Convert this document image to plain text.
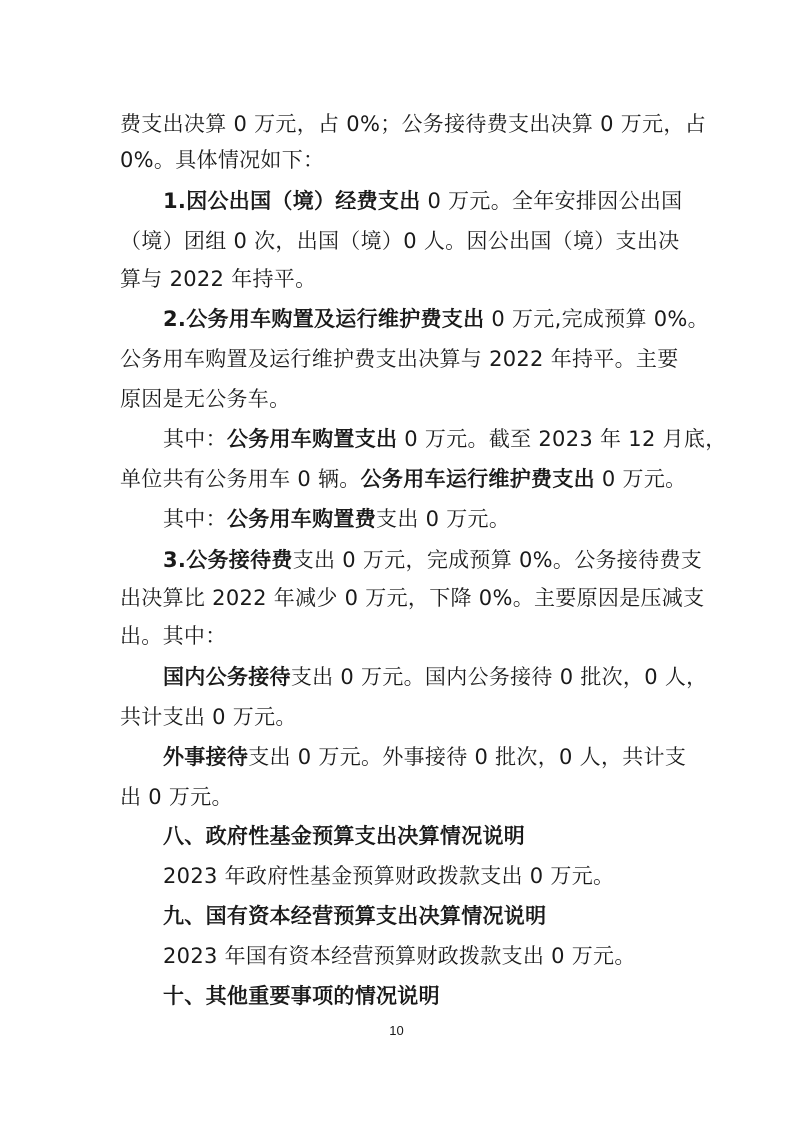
费支出决算 0 万元，占 0%；公务接待费支出决算 0 万元，占
0%。具体情况如下：
1.因公出国（境）经费支出 0 万元。全年安排因公出国
（境）团组 0 次，出国（境）0 人。因公出国（境）支出决
算与 2022 年持平。
2.公务用车购置及运行维护费支出 0 万元,完成预算 0%。
公务用车购置及运行维护费支出决算与 2022 年持平。主要
原因是无公务车。
其中：公务用车购置支出 0 万元。截至 2023 年 12 月底，
单位共有公务用车 0 辆。公务用车运行维护费支出 0 万元。
其中：公务用车购置费支出 0 万元。
3.公务接待费支出 0 万元，完成预算 0%。公务接待费支
出决算比 2022 年减少 0 万元，下降 0%。主要原因是压减支
出。其中：
国内公务接待支出 0 万元。国内公务接待 0 批次，0 人，
共计支出 0 万元。
外事接待支出 0 万元。外事接待 0 批次，0 人，共计支
出 0 万元。
八、政府性基金预算支出决算情况说明
2023 年政府性基金预算财政拨款支出 0 万元。
九、国有资本经营预算支出决算情况说明
2023 年国有资本经营预算财政拨款支出 0 万元。
十、其他重要事项的情况说明
10
